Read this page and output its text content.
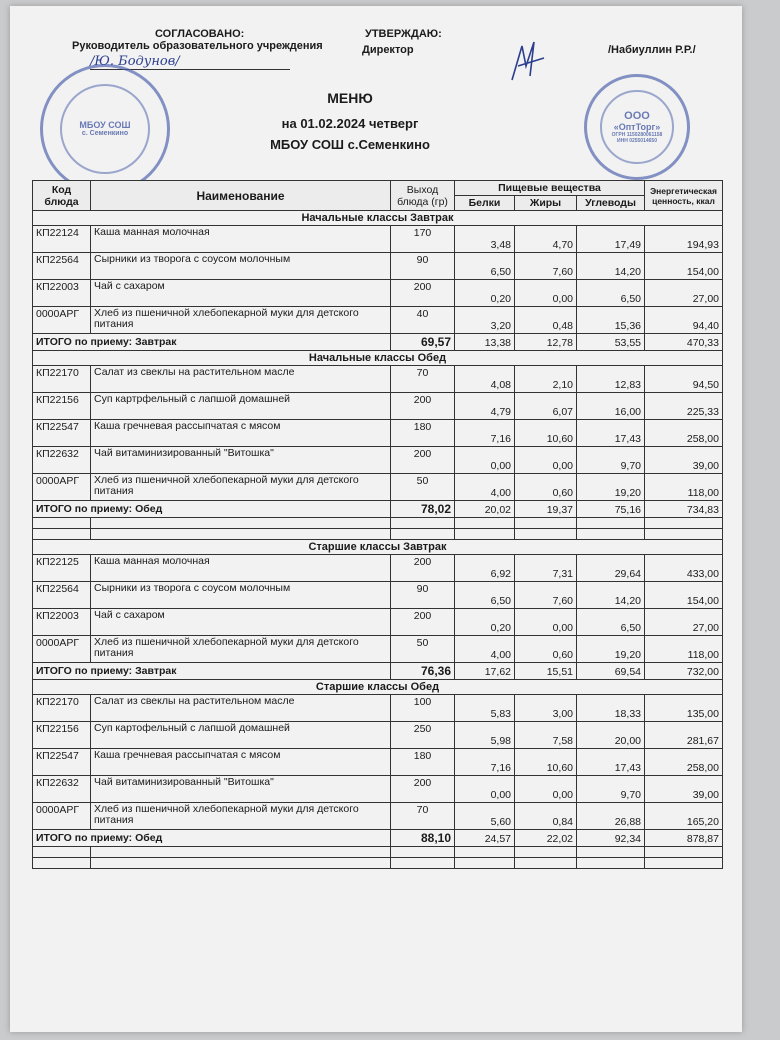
СОГЛАСОВАНО:
Руководитель образовательного учреждения
/Ю. Бодунов/
УТВЕРЖДАЮ:
Директор	/Набиуллин Р.Р./
МБОУ СОШ
с. Семенкино
ООО
«ОптТорг»
ОГРН 1150280061158
ИНН 0255014650
МЕНЮ
на 01.02.2024 четверг
МБОУ СОШ с.Семенкино
Код блюда	Наименование	Выход блюда (гр)	Пищевые вещества			Энергетическая ценность, ккал
			Белки	Жиры	Углеводы	
Начальные классы Завтрак						
КП22124	Каша манная молочная	170	3,48	4,70	17,49	194,93
КП22564	Сырники из творога с соусом молочным	90	6,50	7,60	14,20	154,00
КП22003	Чай с сахаром	200	0,20	0,00	6,50	27,00
0000АРГ	Хлеб из пшеничной хлебопекарной муки для детского питания	40	3,20	0,48	15,36	94,40
ИТОГО по приему: Завтрак		69,57	13,38	12,78	53,55	470,33
Начальные классы Обед						
КП22170	Салат из свеклы на растительном масле	70	4,08	2,10	12,83	94,50
КП22156	Суп картрфельный с лапшой домашней	200	4,79	6,07	16,00	225,33
КП22547	Каша гречневая рассыпчатая с мясом	180	7,16	10,60	17,43	258,00
КП22632	Чай витаминизированный "Витошка"	200	0,00	0,00	9,70	39,00
0000АРГ	Хлеб из пшеничной хлебопекарной муки для детского питания	50	4,00	0,60	19,20	118,00
ИТОГО по приему: Обед		78,02	20,02	19,37	75,16	734,83

Старшие классы Завтрак						
КП22125	Каша манная молочная	200	6,92	7,31	29,64	433,00
КП22564	Сырники из творога с соусом молочным	90	6,50	7,60	14,20	154,00
КП22003	Чай с сахаром	200	0,20	0,00	6,50	27,00
0000АРГ	Хлеб из пшеничной хлебопекарной муки для детского питания	50	4,00	0,60	19,20	118,00
ИТОГО по приему: Завтрак		76,36	17,62	15,51	69,54	732,00
Старшие классы Обед						
КП22170	Салат из свеклы на растительном масле	100	5,83	3,00	18,33	135,00
КП22156	Суп картофельный с лапшой домашней	250	5,98	7,58	20,00	281,67
КП22547	Каша гречневая рассыпчатая с мясом	180	7,16	10,60	17,43	258,00
КП22632	Чай витаминизированный "Витошка"	200	0,00	0,00	9,70	39,00
0000АРГ	Хлеб из пшеничной хлебопекарной муки для детского питания	70	5,60	0,84	26,88	165,20
ИТОГО по приему: Обед		88,10	24,57	22,02	92,34	878,87
